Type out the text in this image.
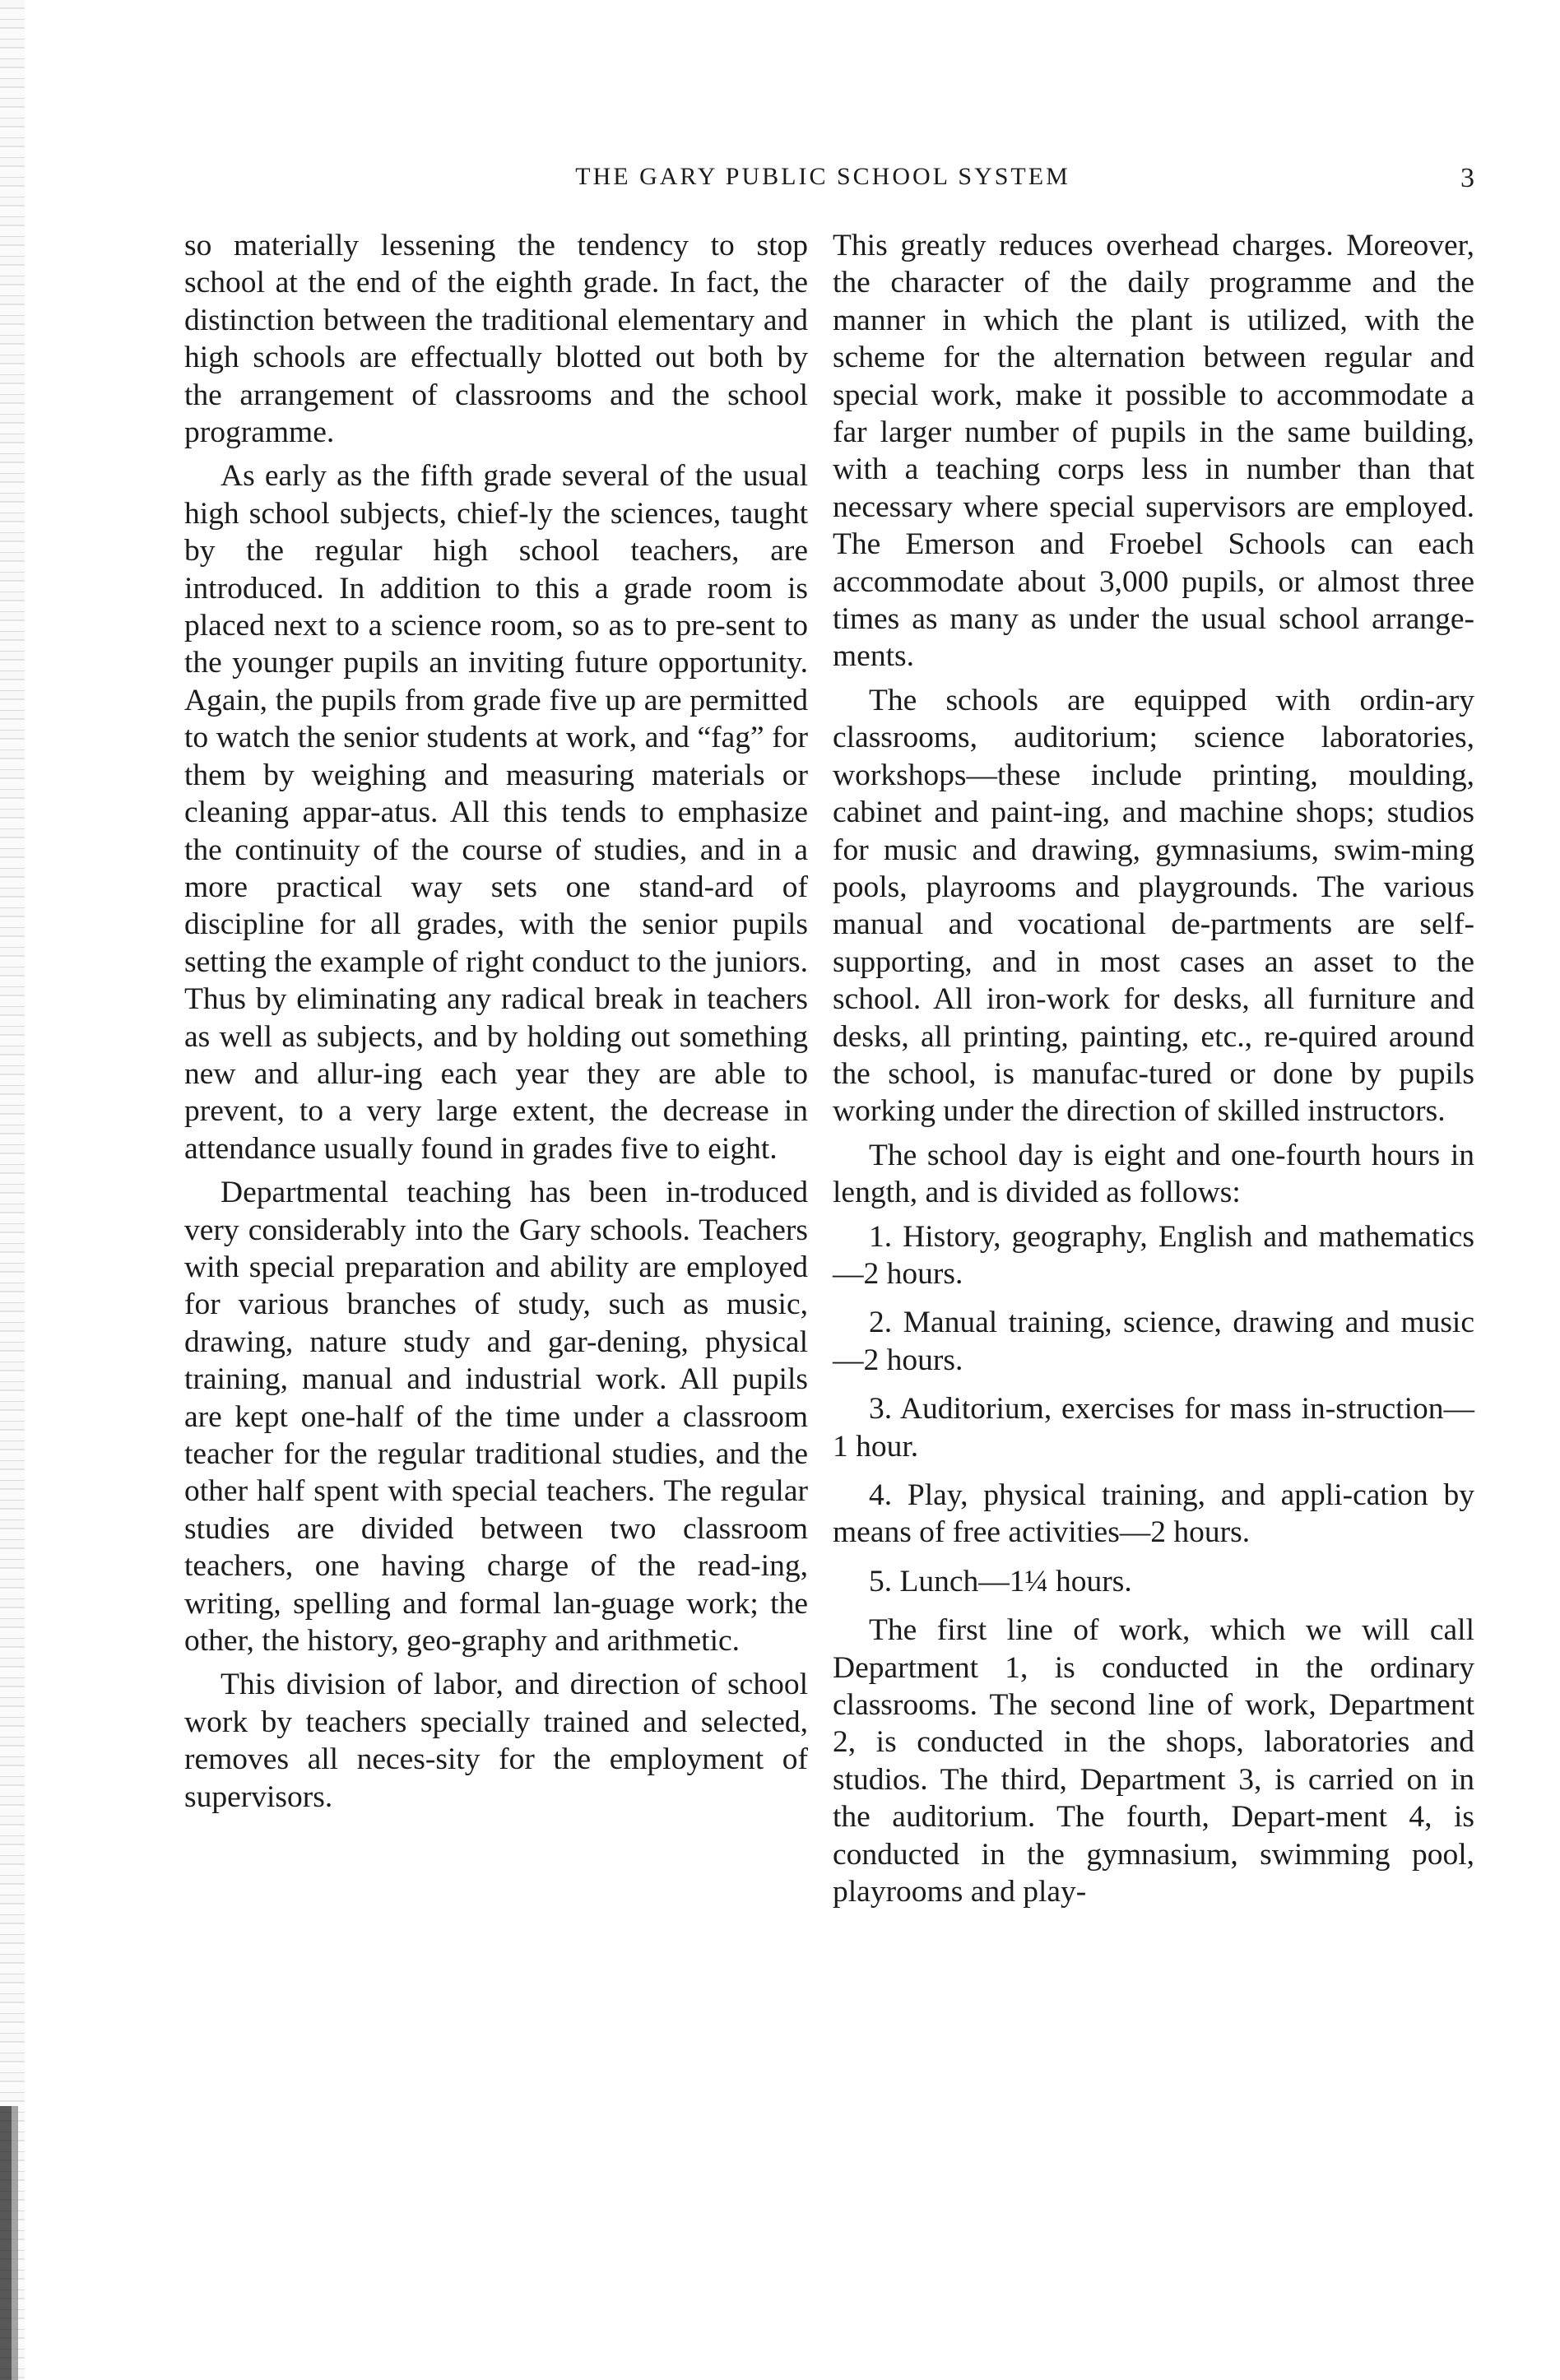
THE GARY PUBLIC SCHOOL SYSTEM	3

so materially lessening the tendency to stop school at the end of the eighth grade. In fact, the distinction between the traditional elementary and high schools are effectually blotted out both by the arrangement of classrooms and the school programme.

As early as the fifth grade several of the usual high school subjects, chief-ly the sciences, taught by the regular high school teachers, are introduced. In addition to this a grade room is placed next to a science room, so as to pre-sent to the younger pupils an inviting future opportunity. Again, the pupils from grade five up are permitted to watch the senior students at work, and “fag” for them by weighing and measuring materials or cleaning appar-atus. All this tends to emphasize the continuity of the course of studies, and in a more practical way sets one stand-ard of discipline for all grades, with the senior pupils setting the example of right conduct to the juniors. Thus by eliminating any radical break in teachers as well as subjects, and by holding out something new and allur-ing each year they are able to prevent, to a very large extent, the decrease in attendance usually found in grades five to eight.

Departmental teaching has been in-troduced very considerably into the Gary schools. Teachers with special preparation and ability are employed for various branches of study, such as music, drawing, nature study and gar-dening, physical training, manual and industrial work. All pupils are kept one-half of the time under a classroom teacher for the regular traditional studies, and the other half spent with special teachers. The regular studies are divided between two classroom teachers, one having charge of the read-ing, writing, spelling and formal lan-guage work; the other, the history, geo-graphy and arithmetic.

This division of labor, and direction of school work by teachers specially trained and selected, removes all neces-sity for the employment of supervisors.

This greatly reduces overhead charges. Moreover, the character of the daily programme and the manner in which the plant is utilized, with the scheme for the alternation between regular and special work, make it possible to accommodate a far larger number of pupils in the same building, with a teaching corps less in number than that necessary where special supervisors are employed. The Emerson and Froebel Schools can each accommodate about 3,000 pupils, or almost three times as many as under the usual school arrange-ments.

The schools are equipped with ordin-ary classrooms, auditorium; science laboratories, workshops—these include printing, moulding, cabinet and paint-ing, and machine shops; studios for music and drawing, gymnasiums, swim-ming pools, playrooms and playgrounds. The various manual and vocational de-partments are self-supporting, and in most cases an asset to the school. All iron-work for desks, all furniture and desks, all printing, painting, etc., re-quired around the school, is manufac-tured or done by pupils working under the direction of skilled instructors.

The school day is eight and one-fourth hours in length, and is divided as follows:

1. History, geography, English and mathematics—2 hours.

2. Manual training, science, drawing and music—2 hours.

3. Auditorium, exercises for mass in-struction—1 hour.

4. Play, physical training, and appli-cation by means of free activities—2 hours.

5. Lunch—1¼ hours.

The first line of work, which we will call Department 1, is conducted in the ordinary classrooms. The second line of work, Department 2, is conducted in the shops, laboratories and studios. The third, Department 3, is carried on in the auditorium. The fourth, Depart-ment 4, is conducted in the gymnasium, swimming pool, playrooms and play-
